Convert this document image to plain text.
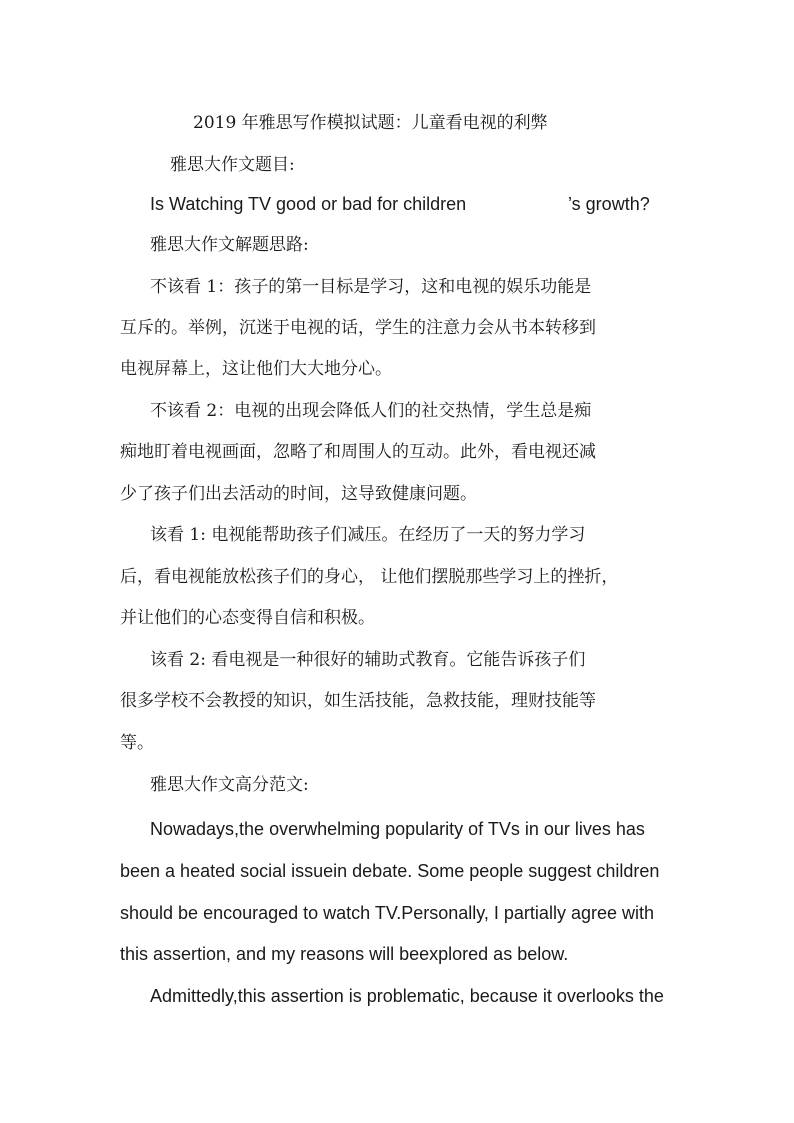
2019 年雅思写作模拟试题：儿童看电视的利弊
雅思大作文题目:
Is Watching TV good or bad for children	’s growth?
雅思大作文解题思路:
不该看 1：孩子的第一目标是学习，这和电视的娱乐功能是
互斥的。举例，沉迷于电视的话，学生的注意力会从书本转移到
电视屏幕上，这让他们大大地分心。
不该看 2：电视的出现会降低人们的社交热情，学生总是痴
痴地盯着电视画面，忽略了和周围人的互动。此外，看电视还减
少了孩子们出去活动的时间，这导致健康问题。
该看 1: 电视能帮助孩子们减压。在经历了一天的努力学习
后，看电视能放松孩子们的身心， 让他们摆脱那些学习上的挫折，
并让他们的心态变得自信和积极。
该看 2: 看电视是一种很好的辅助式教育。它能告诉孩子们
很多学校不会教授的知识，如生活技能，急救技能，理财技能等
等。
雅思大作文高分范文:
Nowadays,the overwhelming popularity of TVs in our lives has
been a heated social issuein debate. Some people suggest children
should be encouraged to watch TV.Personally, I partially agree with
this assertion, and my reasons will beexplored as below.
Admittedly,this assertion is problematic, because it overlooks the
